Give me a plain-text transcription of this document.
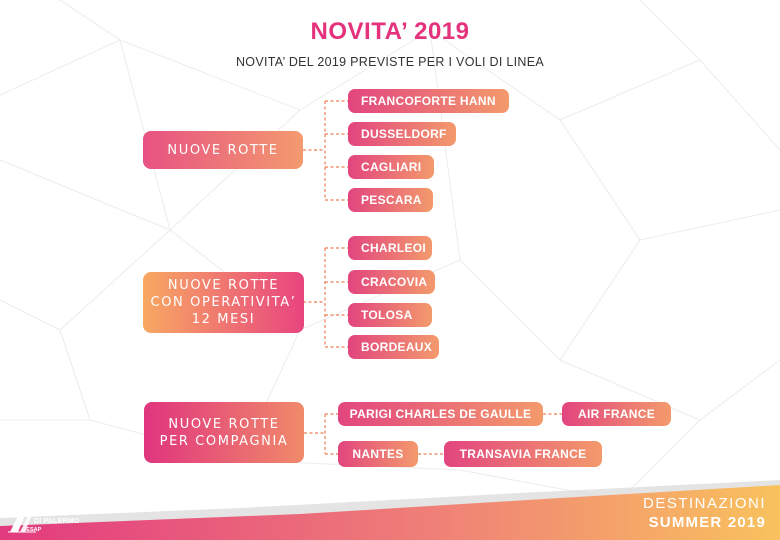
NOVITA’ 2019
NOVITA’ DEL 2019 PREVISTE PER I VOLI DI LINEA
NUOVE ROTTE
FRANCOFORTE HANN
DUSSELDORF
CAGLIARI
PESCARA
NUOVE ROTTE
CON OPERATIVITA’
12 MESI
CHARLEOI
CRACOVIA
TOLOSA
BORDEAUX
NUOVE ROTTE
PER COMPAGNIA
PARIGI CHARLES DE GAULLE	AIR FRANCE
NANTES	TRANSAVIA FRANCE
AEROPORTO
DI PALERMO
GESAP
DESTINAZIONI
SUMMER 2019
